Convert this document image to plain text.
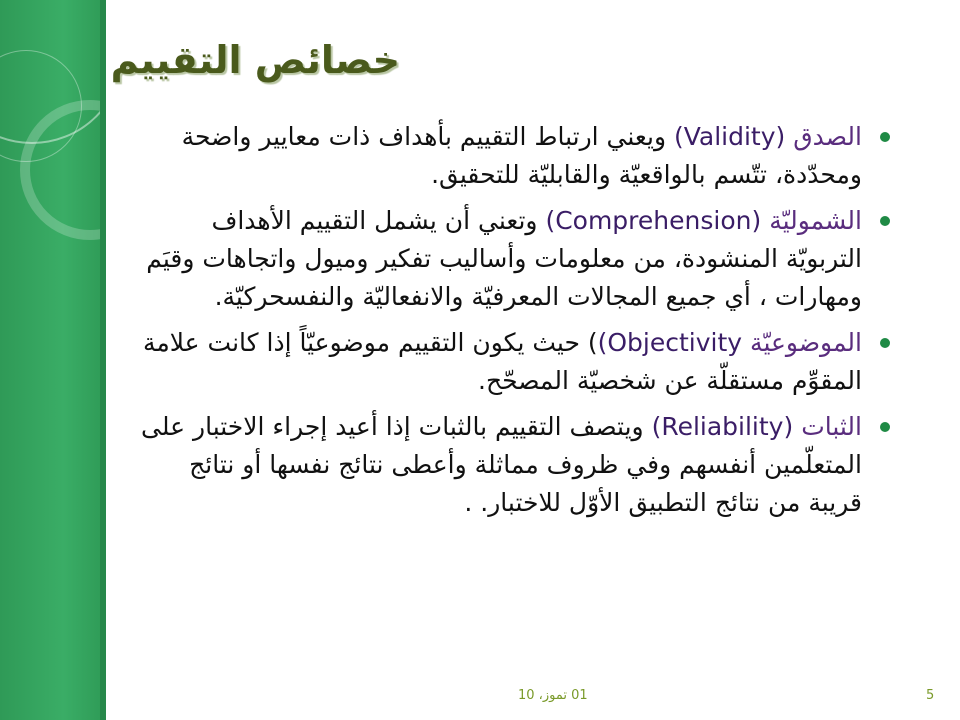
خصائص التقييم
الصدق (Validity) ويعني ارتباط التقييم بأهداف ذات معايير واضحة ومحدّدة، تتّسم بالواقعيّة والقابليّة للتحقيق.
الشموليّة (Comprehension) وتعني أن يشمل التقييم الأهداف التربويّة المنشودة، من معلومات وأساليب تفكير وميول واتجاهات وقيَم ومهارات ، أي جميع المجالات المعرفيّة والانفعاليّة والنفسحركيّة.
الموضوعيّة (Objectivity) حيث يكون التقييم موضوعيّاً إذا كانت علامة المقوِّم مستقلّة عن شخصيّة المصحّح.
الثبات (Reliability) ويتصف التقييم بالثبات إذا أعيد إجراء الاختبار على المتعلّمين أنفسهم وفي ظروف مماثلة وأعطى نتائج نفسها أو نتائج قريبة من نتائج التطبيق الأوّل للاختبار. .
01 تموز، 10	5
